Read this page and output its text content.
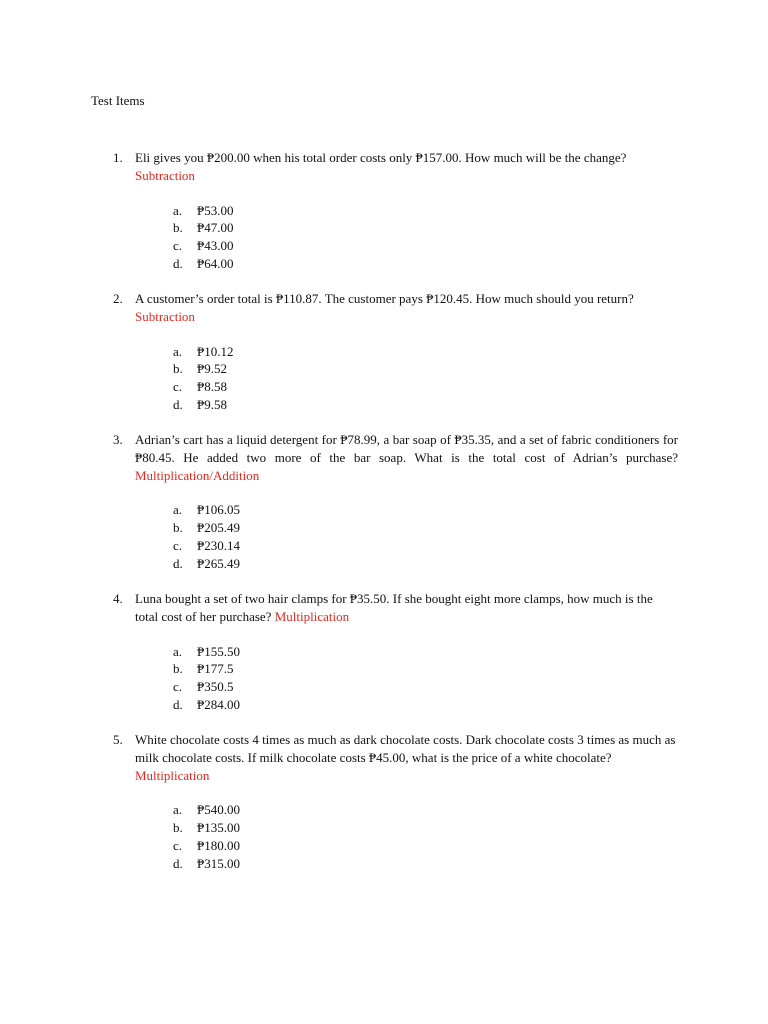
Test Items
1. Eli gives you ₱200.00 when his total order costs only ₱157.00. How much will be the change?
Subtraction
a.	₱53.00
b.	₱47.00
c.	₱43.00
d.	₱64.00
2. A customer’s order total is ₱110.87. The customer pays ₱120.45. How much should you return?
Subtraction
a.	₱10.12
b.	₱9.52
c.	₱8.58
d.	₱9.58
3. Adrian’s cart has a liquid detergent for ₱78.99, a bar soap of ₱35.35, and a set of fabric conditioners for ₱80.45. He added two more of the bar soap. What is the total cost of Adrian’s purchase? Multiplication/Addition
a.	₱106.05
b.	₱205.49
c.	₱230.14
d.	₱265.49
4. Luna bought a set of two hair clamps for ₱35.50. If she bought eight more clamps, how much is the total cost of her purchase? Multiplication
a.	₱155.50
b.	₱177.5
c.	₱350.5
d.	₱284.00
5. White chocolate costs 4 times as much as dark chocolate costs. Dark chocolate costs 3 times as much as milk chocolate costs. If milk chocolate costs ₱45.00, what is the price of a white chocolate? Multiplication
a.	₱540.00
b.	₱135.00
c.	₱180.00
d.	₱315.00
